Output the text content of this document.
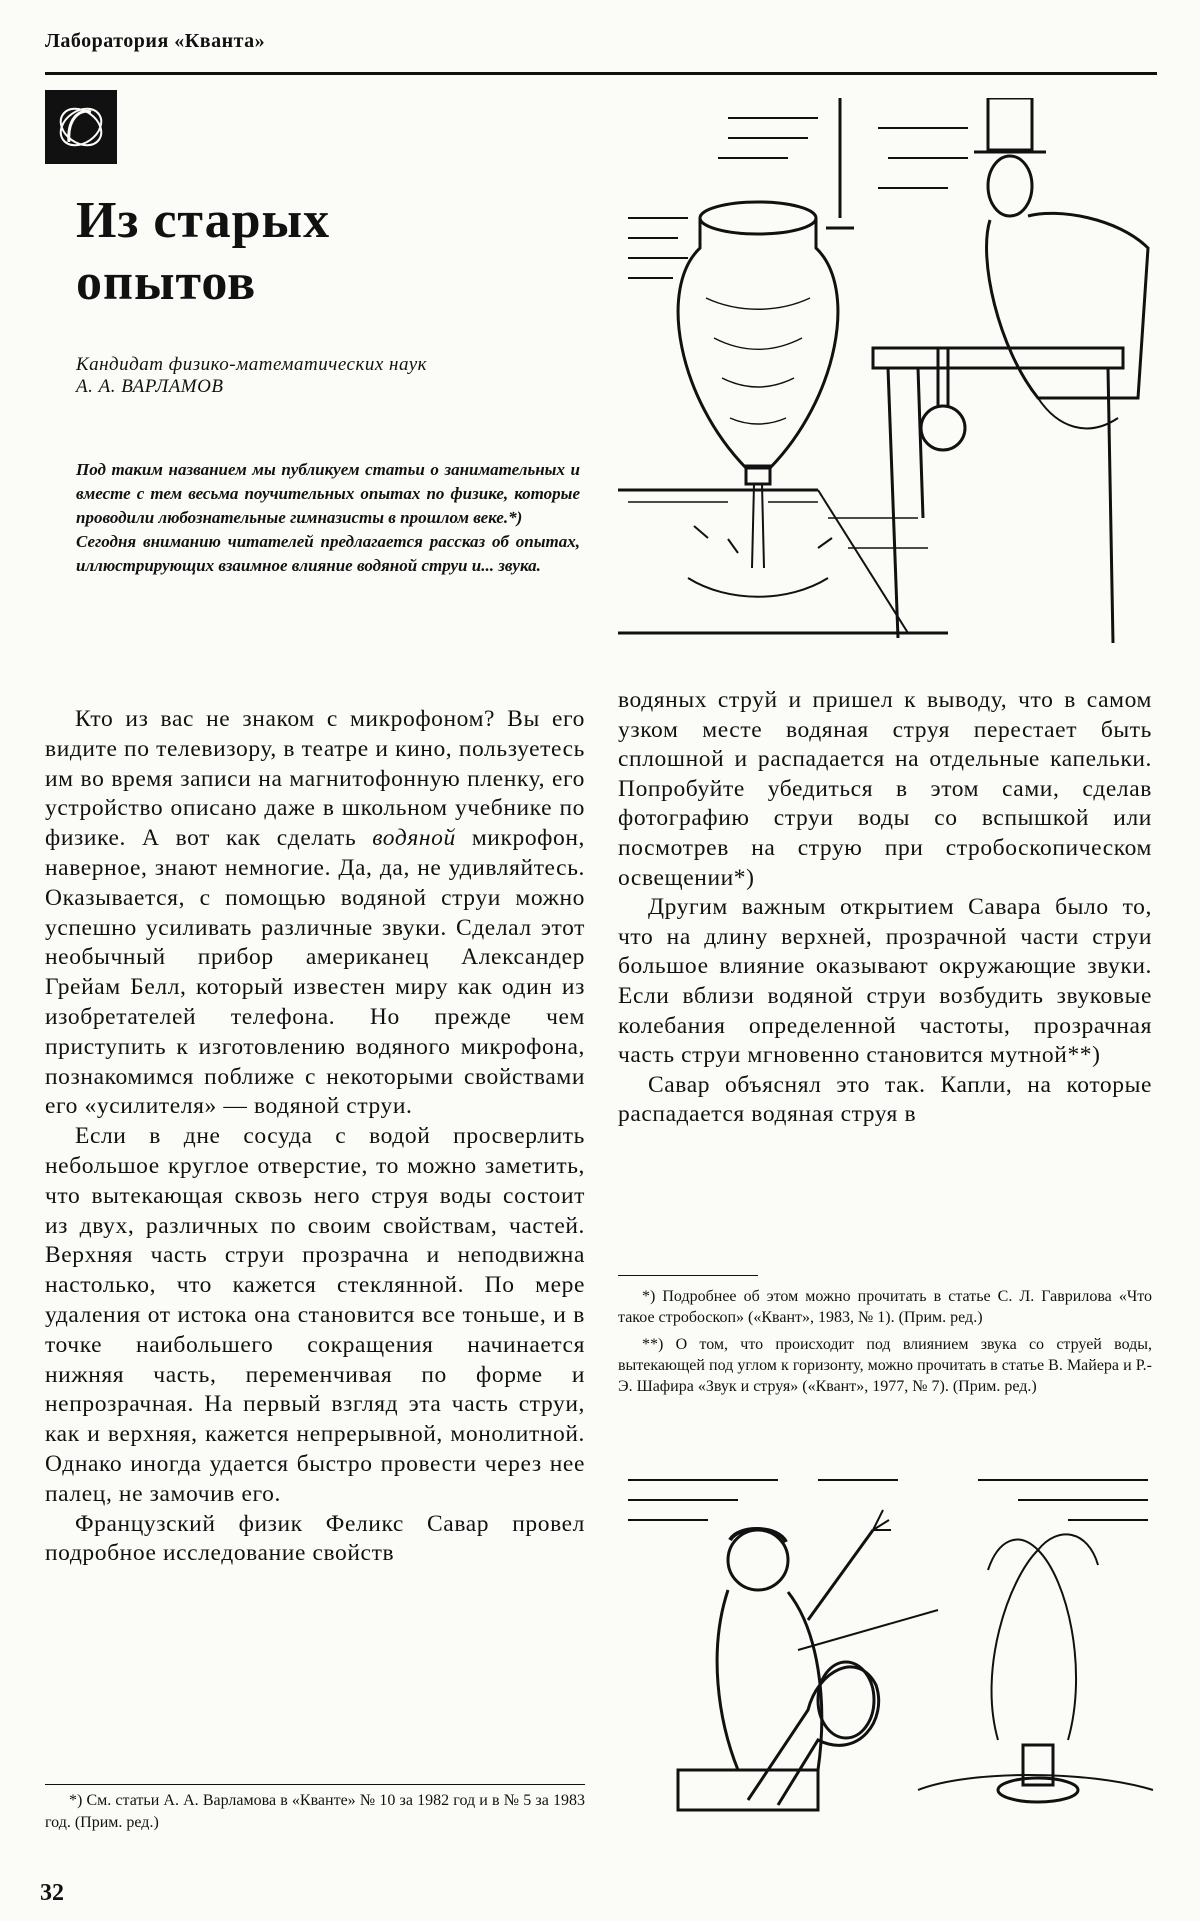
Лаборатория «Кванта»
Из старых
опытов
Кандидат физико-математических наук
А. А. ВАРЛАМОВ

Под таким названием мы публикуем статьи о занимательных и вместе с тем весьма поучительных опытах по физике, которые проводили любознательные гимназисты в прошлом веке.*)

Сегодня вниманию читателей предлагается рассказ об опытах, иллюстрирующих взаимное влияние водяной струи и... звука.

Кто из вас не знаком с микрофоном? Вы его видите по телевизору, в театре и кино, пользуетесь им во время записи на магнитофонную пленку, его устройство описано даже в школьном учебнике по физике. А вот как сделать водяной микрофон, наверное, знают немногие. Да, да, не удивляйтесь. Оказывается, с помощью водяной струи можно успешно усиливать различные звуки. Сделал этот необычный прибор американец Александер Грейам Белл, который известен миру как один из изобретателей телефона. Но прежде чем приступить к изготовлению водяного микрофона, познакомимся поближе с некоторыми свойствами его «усилителя» — водяной струи.

Если в дне сосуда с водой просверлить небольшое круглое отверстие, то можно заметить, что вытекающая сквозь него струя воды состоит из двух, различных по своим свойствам, частей. Верхняя часть струи прозрачна и неподвижна настолько, что кажется стеклянной. По мере удаления от истока она становится все тоньше, и в точке наибольшего сокращения начинается нижняя часть, переменчивая по форме и непрозрачная. На первый взгляд эта часть струи, как и верхняя, кажется непрерывной, монолитной. Однако иногда удается быстро провести через нее палец, не замочив его.

Французский физик Феликс Савар провел подробное исследование свойств

водяных струй и пришел к выводу, что в самом узком месте водяная струя перестает быть сплошной и распадается на отдельные капельки. Попробуйте убедиться в этом сами, сделав фотографию струи воды со вспышкой или посмотрев на струю при стробоскопическом освещении*)

Другим важным открытием Савара было то, что на длину верхней, прозрачной части струи большое влияние оказывают окружающие звуки. Если вблизи водяной струи возбудить звуковые колебания определенной частоты, прозрачная часть струи мгновенно становится мутной**)

Савар объяснял это так. Капли, на которые распадается водяная струя в

*) Подробнее об этом можно прочитать в статье С. Л. Гаврилова «Что такое стробоскоп» («Квант», 1983, № 1). (Прим. ред.)

**) О том, что происходит под влиянием звука со струей воды, вытекающей под углом к горизонту, можно прочитать в статье В. Майера и Р.-Э. Шафира «Звук и струя» («Квант», 1977, № 7). (Прим. ред.)

*) См. статьи А. А. Варламова в «Кванте» № 10 за 1982 год и в № 5 за 1983 год. (Прим. ред.)

32
